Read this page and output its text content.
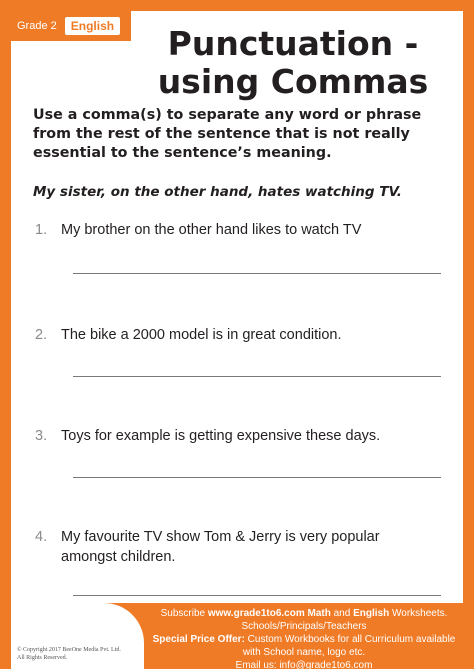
Grade 2	English	Punctuation -
using Commas

Use a comma(s) to separate any word or phrase
from the rest of the sentence that is not really
essential to the sentence’s meaning.

My sister, on the other hand, hates watching TV.

1. My brother on the other hand likes to watch TV
2. The bike a 2000 model is in great condition.
3. Toys for example is getting expensive these days.
4. My favourite TV show Tom & Jerry is very popular
amongst children.
© Copyright 2017 BeeOne Media Pvt. Ltd.
All Rights Reserved.
Subscribe www.grade1to6.com Math and English Worksheets.
Schools/Principals/Teachers
Special Price Offer: Custom Workbooks for all Curriculum available
with School name, logo etc.
Email us: info@grade1to6.com
